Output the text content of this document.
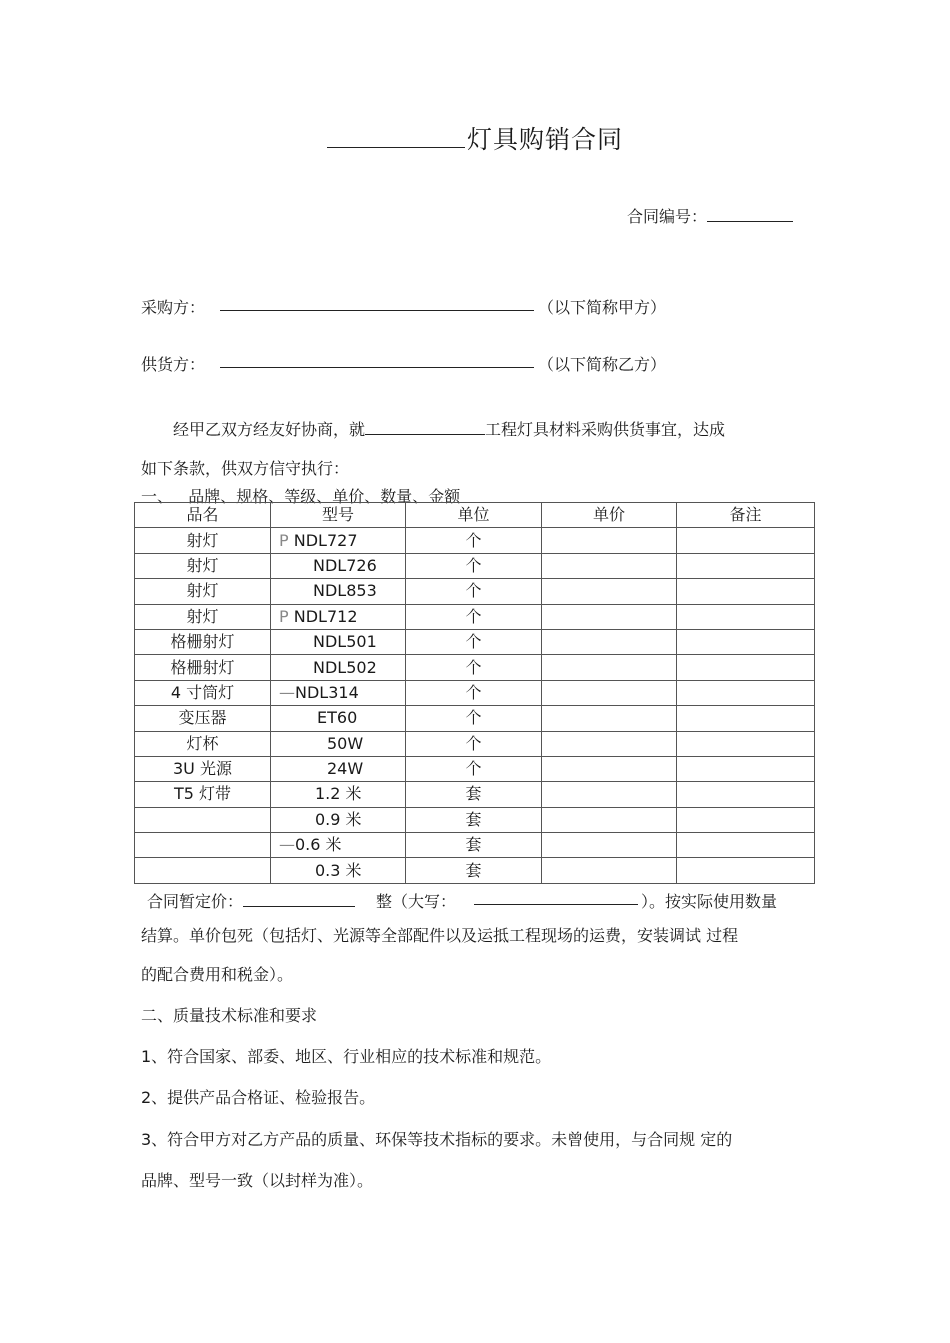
灯具购销合同
合同编号：
采购方：	（以下简称甲方）
供货方：	（以下简称乙方）
经甲乙双方经友好协商，就	工程灯具材料采购供货事宜，达成
如下条款，供双方信守执行：
一、   品牌、规格、等级、单价、数量、金额
品名	型号	单位	单价	备注
射灯	P NDL727	个		
射灯	NDL726	个		
射灯	NDL853	个		
射灯	P NDL712	个		
格栅射灯	NDL501	个		
格栅射灯	NDL502	个		
4 寸筒灯	—NDL314	个		
变压器	ET60	个		
灯杯	50W	个		
3U 光源	24W	个		
T5 灯带	1.2 米	套		
	0.9 米	套		
	—0.6 米	套		
	0.3 米	套		
合同暂定价：	整（大写：	）。按实际使用数量
结算。单价包死（包括灯、光源等全部配件以及运抵工程现场的运费，安装调试 过程
的配合费用和税金）。
二、质量技术标准和要求
1、符合国家、部委、地区、行业相应的技术标准和规范。
2、提供产品合格证、检验报告。
3、符合甲方对乙方产品的质量、环保等技术指标的要求。未曾使用，与合同规 定的
品牌、型号一致（以封样为准）。
